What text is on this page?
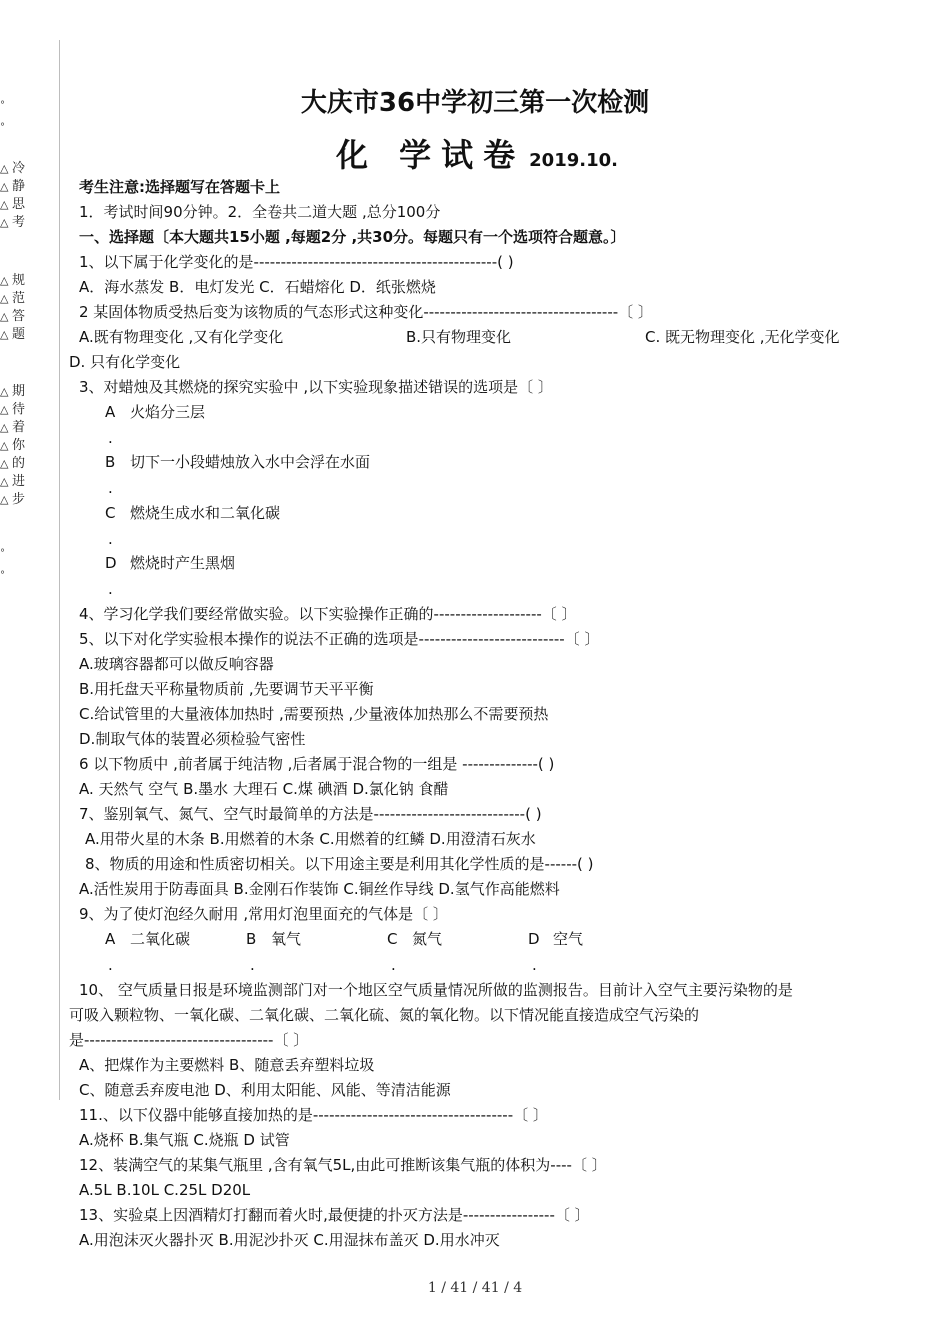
°
°
△ 冷
△ 静
△ 思
△ 考
△ 规
△ 范
△ 答
△ 题
△ 期
△ 待
△ 着
△ 你
△ 的
△ 进
△ 步
°
°
大庆市36中学初三第一次检测
化 学试卷 2019.10.
考生注意:选择题写在答题卡上
1．考试时间90分钟。2．全卷共二道大题 ,总分100分
一、选择题〔本大题共15小题 ,每题2分 ,共30分。每题只有一个选项符合题意。〕
1、以下属于化学变化的是---------------------------------------------( )
A．海水蒸发 B．电灯发光 C．石蜡熔化 D．纸张燃烧
2 某固体物质受热后变为该物质的气态形式这种变化------------------------------------〔 〕
A.既有物理变化 ,又有化学变化	B.只有物理变化	C. 既无物理变化 ,无化学变化
D. 只有化学变化
3、对蜡烛及其燃烧的探究实验中 ,以下实验现象描述错误的选项是〔 〕
A 火焰分三层
.
B 切下一小段蜡烛放入水中会浮在水面
.
C 燃烧生成水和二氧化碳
.
D 燃烧时产生黑烟
.
4、学习化学我们要经常做实验。以下实验操作正确的--------------------〔 〕
5、以下对化学实验根本操作的说法不正确的选项是---------------------------〔 〕
A.玻璃容器都可以做反响容器
B.用托盘天平称量物质前 ,先要调节天平平衡
C.给试管里的大量液体加热时 ,需要预热 ,少量液体加热那么不需要预热
D.制取气体的装置必须检验气密性
6 以下物质中 ,前者属于纯洁物 ,后者属于混合物的一组是 --------------( )
A. 天然气 空气 B.墨水 大理石 C.煤 碘酒 D.氯化钠 食醋
7、鉴别氧气、氮气、空气时最简单的方法是----------------------------( )
A.用带火星的木条 B.用燃着的木条 C.用燃着的红鳞 D.用澄清石灰水
8、物质的用途和性质密切相关。以下用途主要是利用其化学性质的是------( )
A.活性炭用于防毒面具 B.金刚石作装饰 C.铜丝作导线 D.氢气作高能燃料
9、为了使灯泡经久耐用 ,常用灯泡里面充的气体是〔 〕
A 二氧化碳	B 氧气	C 氮气	D 空气
.	.	.	.
10、 空气质量日报是环境监测部门对一个地区空气质量情况所做的监测报告。目前计入空气主要污染物的是
可吸入颗粒物、一氧化碳、二氧化碳、二氧化硫、氮的氧化物。以下情况能直接造成空气污染的
是-----------------------------------〔 〕
A、把煤作为主要燃料 B、随意丢弃塑料垃圾
C、随意丢弃废电池 D、利用太阳能、风能、等清洁能源
11.、以下仪器中能够直接加热的是-------------------------------------〔 〕
A.烧杯 B.集气瓶 C.烧瓶 D 试管
12、装满空气的某集气瓶里 ,含有氧气5L,由此可推断该集气瓶的体积为----〔 〕
A.5L B.10L C.25L D20L
13、实验桌上因酒精灯打翻而着火时,最便捷的扑灭方法是-----------------〔 〕
A.用泡沫灭火器扑灭 B.用泥沙扑灭 C.用湿抹布盖灭 D.用水冲灭
1 / 41 / 41 / 4
